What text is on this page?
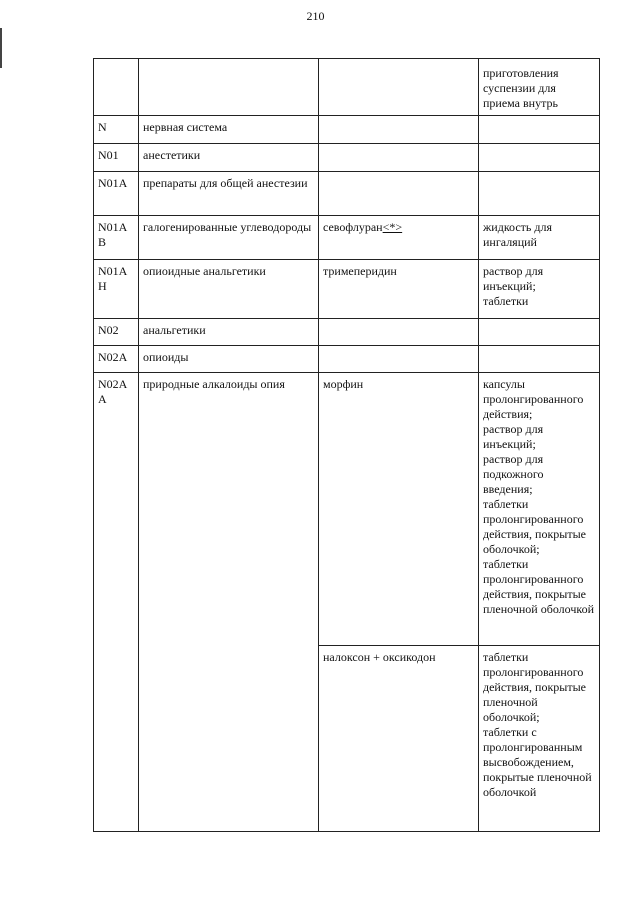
210

			приготовления
суспензии для
приема внутрь

N	нервная система		
N01	анестетики		
N01A	препараты для общей анестезии		
N01AB	галогенированные углеводороды	севофлуран<*>	жидкость для ингаляций

N01AH	опиоидные анальгетики	тримеперидин	раствор для инъекций;
таблетки

N02	анальгетики		
N02A	опиоиды		
N02AA	природные алкалоиды опия	морфин	капсулы пролонгированного действия;
раствор для инъекций;
раствор для подкожного введения;
таблетки пролонгированного действия, покрытые оболочкой;
таблетки пролонгированного действия, покрытые пленочной оболочкой

		налоксон + оксикодон	таблетки пролонгированного действия, покрытые пленочной оболочкой;
таблетки с пролонгированным высвобождением, покрытые пленочной оболочкой
